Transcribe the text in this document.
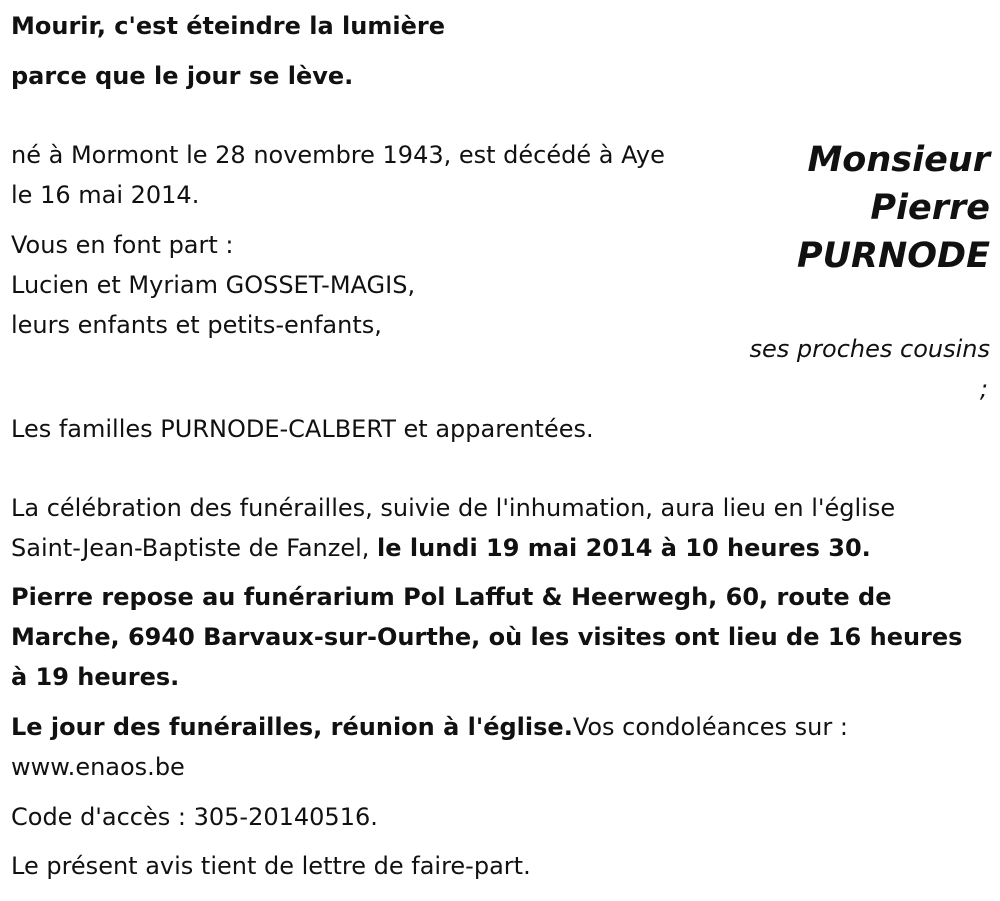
Mourir, c'est éteindre la lumière

parce que le jour se lève.

Monsieur
Pierre
PURNODE

né à Mormont le 28 novembre 1943, est décédé à Aye

le 16 mai 2014.

Vous en font part :

Lucien et Myriam GOSSET-MAGIS,

leurs enfants et petits-enfants,

ses proches cousins

;

Les familles PURNODE-CALBERT et apparentées.

La célébration des funérailles, suivie de l'inhumation, aura lieu en l'église

Saint-Jean-Baptiste de Fanzel, le lundi 19 mai 2014 à 10 heures 30.

Pierre repose au funérarium Pol Laffut & Heerwegh, 60, route de

Marche, 6940 Barvaux-sur-Ourthe, où les visites ont lieu de 16 heures

à 19 heures.

Le jour des funérailles, réunion à l'église.Vos condoléances sur :

www.enaos.be

Code d'accès : 305-20140516.

Le présent avis tient de lettre de faire-part.
